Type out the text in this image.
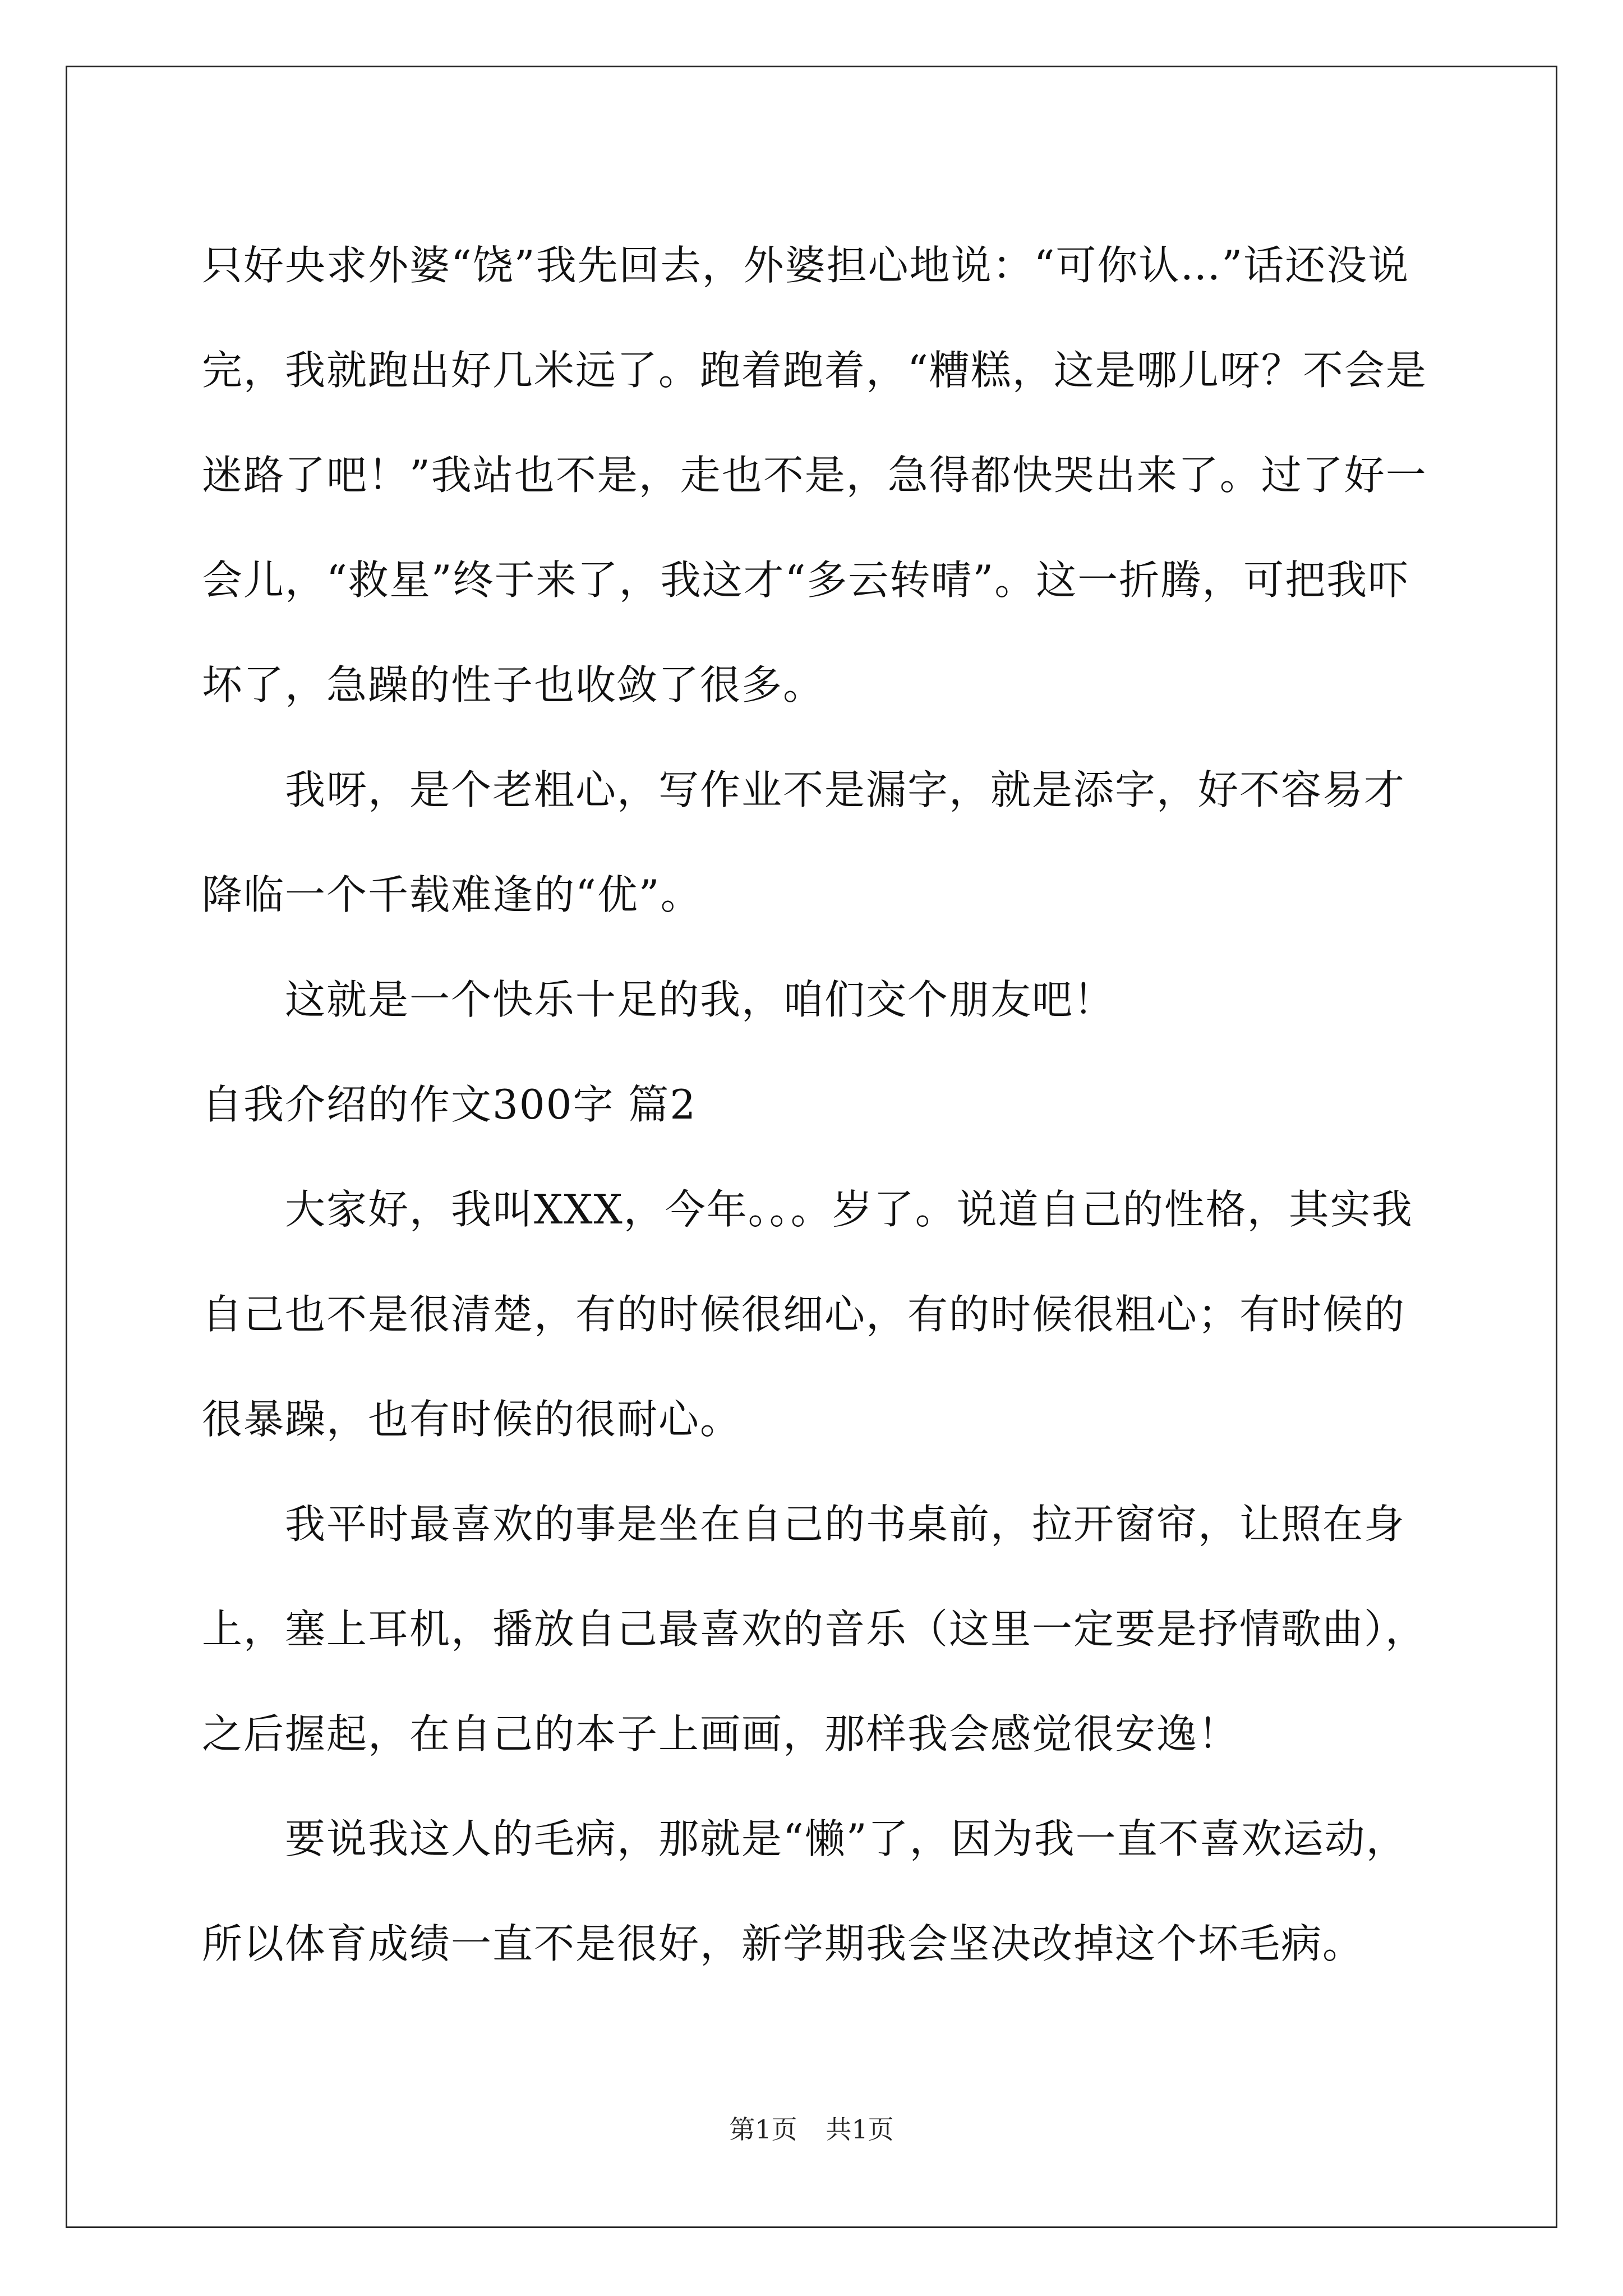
只好央求外婆“饶”我先回去，外婆担心地说：“可你认…”话还没说完，我就跑出好几米远了。跑着跑着，“糟糕，这是哪儿呀？不会是迷路了吧！”我站也不是，走也不是，急得都快哭出来了。过了好一会儿，“救星”终于来了，我这才“多云转晴”。这一折腾，可把我吓坏了，急躁的性子也收敛了很多。

我呀，是个老粗心，写作业不是漏字，就是添字，好不容易才降临一个千载难逢的“优”。

这就是一个快乐十足的我，咱们交个朋友吧！

自我介绍的作文300字 篇2

大家好，我叫XXX，今年。。。岁了。说道自己的性格，其实我自己也不是很清楚，有的时候很细心，有的时候很粗心；有时候的很暴躁，也有时候的很耐心。

我平时最喜欢的事是坐在自己的书桌前，拉开窗帘，让照在身上，塞上耳机，播放自己最喜欢的音乐（这里一定要是抒情歌曲），之后握起，在自己的本子上画画，那样我会感觉很安逸！

要说我这人的毛病，那就是“懒”了，因为我一直不喜欢运动，所以体育成绩一直不是很好，新学期我会坚决改掉这个坏毛病。

第1页 共1页
